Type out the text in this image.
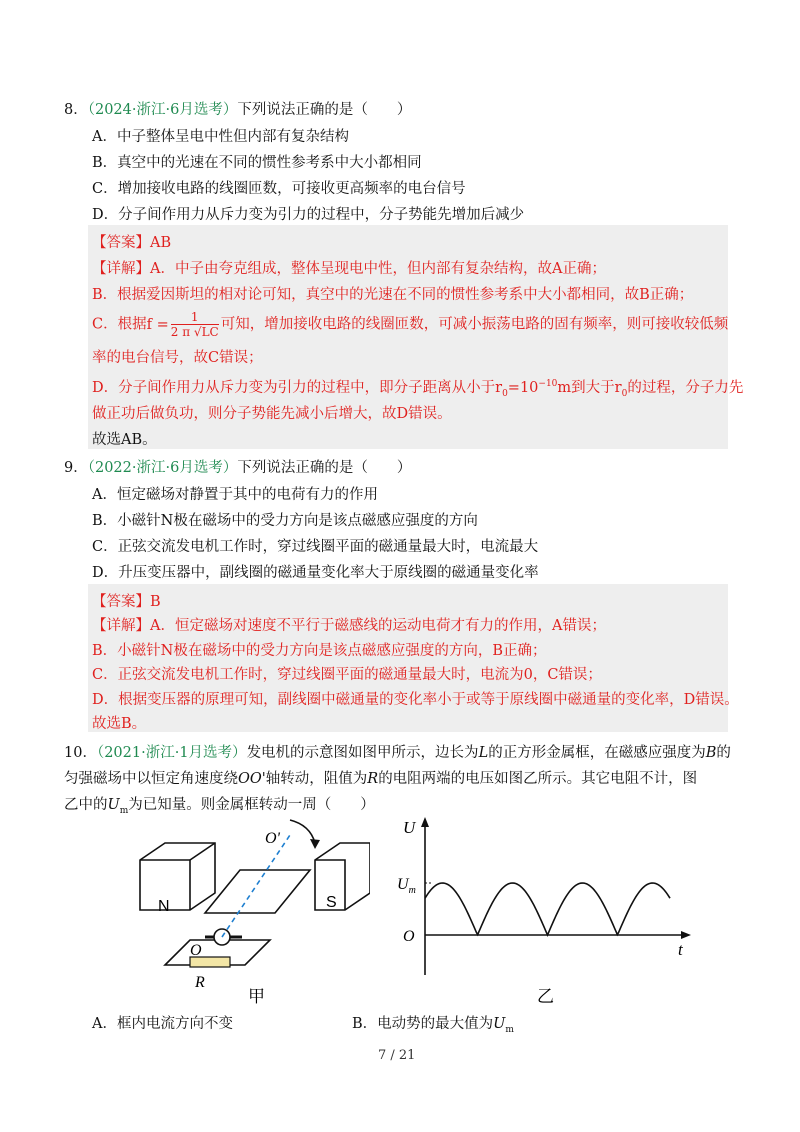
8．（2024·浙江·6月选考）下列说法正确的是（　　）
A．中子整体呈电中性但内部有复杂结构
B．真空中的光速在不同的惯性参考系中大小都相同
C．增加接收电路的线圈匝数，可接收更高频率的电台信号
D．分子间作用力从斥力变为引力的过程中，分子势能先增加后减少
【答案】AB
【详解】A．中子由夸克组成，整体呈现电中性，但内部有复杂结构，故A正确；
B．根据爱因斯坦的相对论可知，真空中的光速在不同的惯性参考系中大小都相同，故B正确；
C．根据$f = \frac{1}{2 \pi √LC}$ 可知，增加接收电路的线圈匝数，可减小振荡电路的固有频率，则可接收较低频
率的电台信号，故C错误；
D．分子间作用力从斥力变为引力的过程中，即分子距离从小于$r_0=10^{-10}m$到大于$r_0$的过程，分子力先
做正功后做负功，则分子势能先减小后增大，故D错误。
故选AB。
9．（2022·浙江·6月选考）下列说法正确的是（　　）
A．恒定磁场对静置于其中的电荷有力的作用
B．小磁针N极在磁场中的受力方向是该点磁感应强度的方向
C．正弦交流发电机工作时，穿过线圈平面的磁通量最大时，电流最大
D．升压变压器中，副线圈的磁通量变化率大于原线圈的磁通量变化率
【答案】B
【详解】A．恒定磁场对速度不平行于磁感线的运动电荷才有力的作用，A错误；
B．小磁针N极在磁场中的受力方向是该点磁感应强度的方向，B正确；
C．正弦交流发电机工作时，穿过线圈平面的磁通量最大时，电流为0，C错误；
D．根据变压器的原理可知，副线圈中磁通量的变化率小于或等于原线圈中磁通量的变化率，D错误。
故选B。
10．（2021·浙江·1月选考）发电机的示意图如图甲所示，边长为L的正方形金属框，在磁感应强度为B的
匀强磁场中以恒定角速度绕OO'轴转动，阻值为R的电阻两端的电压如图乙所示。其它电阻不计，图
乙中的$U_m$为已知量。则金属框转动一周（　　）
N	S
O
O'
R
甲
U
t
$U_m$
O
乙
A．框内电流方向不变	B．电动势的最大值为$U_m$
7 / 21
